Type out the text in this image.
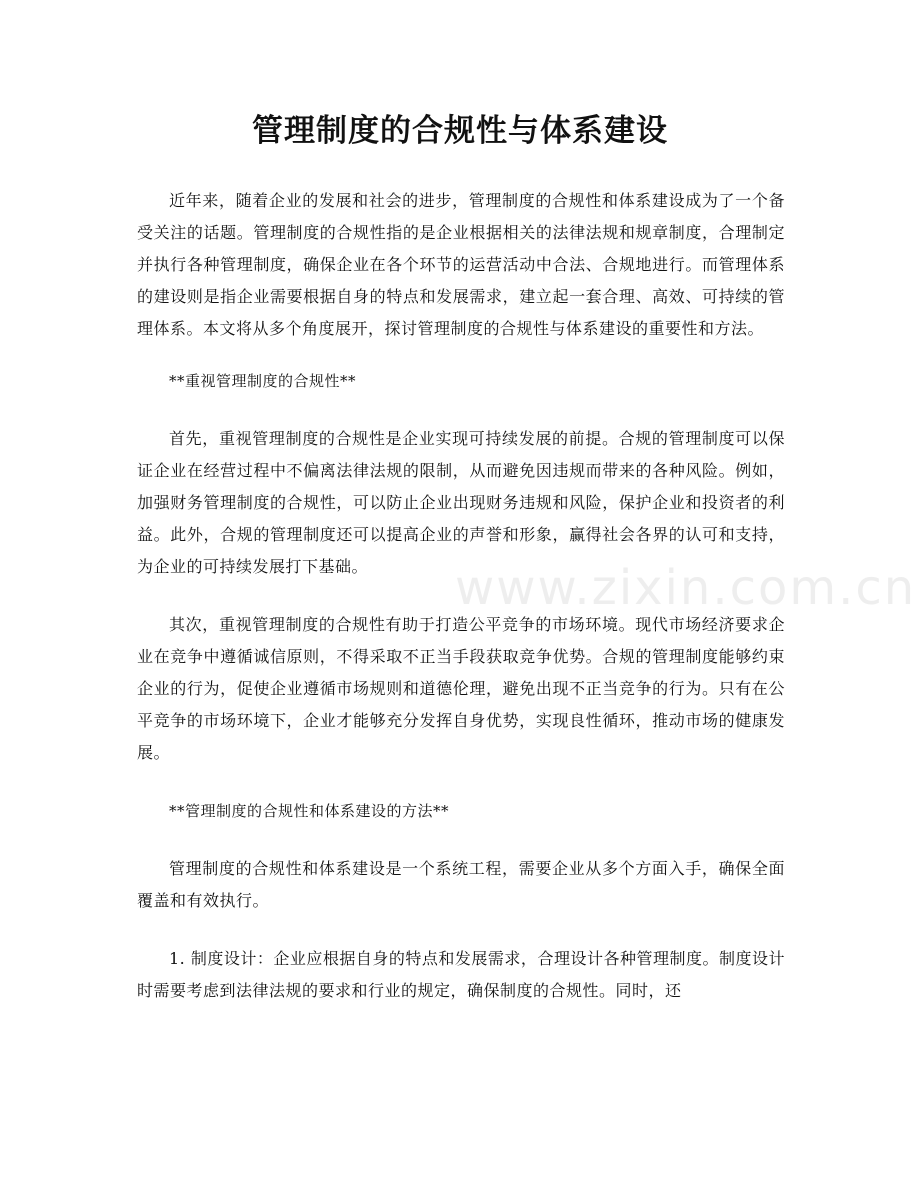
管理制度的合规性与体系建设
www.zixin.com.cn

近年来，随着企业的发展和社会的进步，管理制度的合规性和体系建设成为了一个备受关注的话题。管理制度的合规性指的是企业根据相关的法律法规和规章制度，合理制定并执行各种管理制度，确保企业在各个环节的运营活动中合法、合规地进行。而管理体系的建设则是指企业需要根据自身的特点和发展需求，建立起一套合理、高效、可持续的管理体系。本文将从多个角度展开，探讨管理制度的合规性与体系建设的重要性和方法。

**重视管理制度的合规性**

首先，重视管理制度的合规性是企业实现可持续发展的前提。合规的管理制度可以保证企业在经营过程中不偏离法律法规的限制，从而避免因违规而带来的各种风险。例如，加强财务管理制度的合规性，可以防止企业出现财务违规和风险，保护企业和投资者的利益。此外，合规的管理制度还可以提高企业的声誉和形象，赢得社会各界的认可和支持，为企业的可持续发展打下基础。

其次，重视管理制度的合规性有助于打造公平竞争的市场环境。现代市场经济要求企业在竞争中遵循诚信原则，不得采取不正当手段获取竞争优势。合规的管理制度能够约束企业的行为，促使企业遵循市场规则和道德伦理，避免出现不正当竞争的行为。只有在公平竞争的市场环境下，企业才能够充分发挥自身优势，实现良性循环，推动市场的健康发展。

**管理制度的合规性和体系建设的方法**

管理制度的合规性和体系建设是一个系统工程，需要企业从多个方面入手，确保全面覆盖和有效执行。

1. 制度设计：企业应根据自身的特点和发展需求，合理设计各种管理制度。制度设计时需要考虑到法律法规的要求和行业的规定，确保制度的合规性。同时，还
